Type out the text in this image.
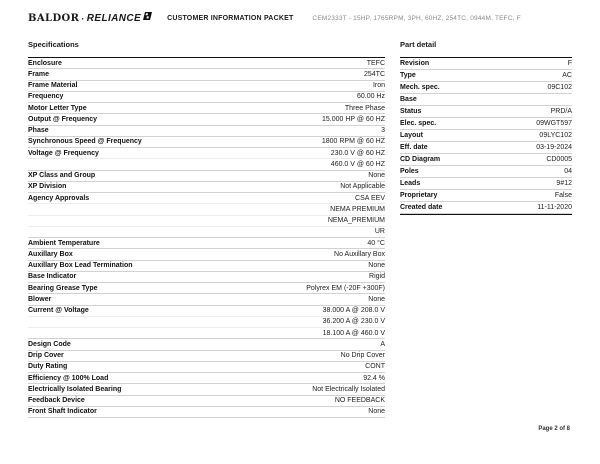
BALDOR · RELIANCE	CUSTOMER INFORMATION PACKET	CEM2333T - 15HP, 1765RPM, 3PH, 60HZ, 254TC, 0944M, TEFC, F
Specifications
Enclosure	TEFC
Frame	254TC
Frame Material	Iron
Frequency	60.00 Hz
Motor Letter Type	Three Phase
Output @ Frequency	15.000 HP @ 60 HZ
Phase	3
Synchronous Speed @ Frequency	1800 RPM @ 60 HZ
Voltage @ Frequency	230.0 V @ 60 HZ
460.0 V @ 60 HZ
XP Class and Group	None
XP Division	Not Applicable
Agency Approvals	CSA EEV
NEMA PREMIUM
NEMA_PREMIUM
UR
Ambient Temperature	40 °C
Auxillary Box	No Auxillary Box
Auxillary Box Lead Termination	None
Base Indicator	Rigid
Bearing Grease Type	Polyrex EM (-20F +300F)
Blower	None
Current @ Voltage	38.000 A @ 208.0 V
36.200 A @ 230.0 V
18.100 A @ 460.0 V
Design Code	A
Drip Cover	No Drip Cover
Duty Rating	CONT
Efficiency @ 100% Load	92.4 %
Electrically Isolated Bearing	Not Electrically Isolated
Feedback Device	NO FEEDBACK
Front Shaft Indicator	None
Part detail
Revision	F
Type	AC
Mech. spec.	09C102
Base
Status	PRD/A
Elec. spec.	09WGT597
Layout	09LYC102
Eff. date	03-19-2024
CD Diagram	CD0005
Poles	04
Leads	9#12
Proprietary	False
Created date	11-11-2020
Page 2 of 8
